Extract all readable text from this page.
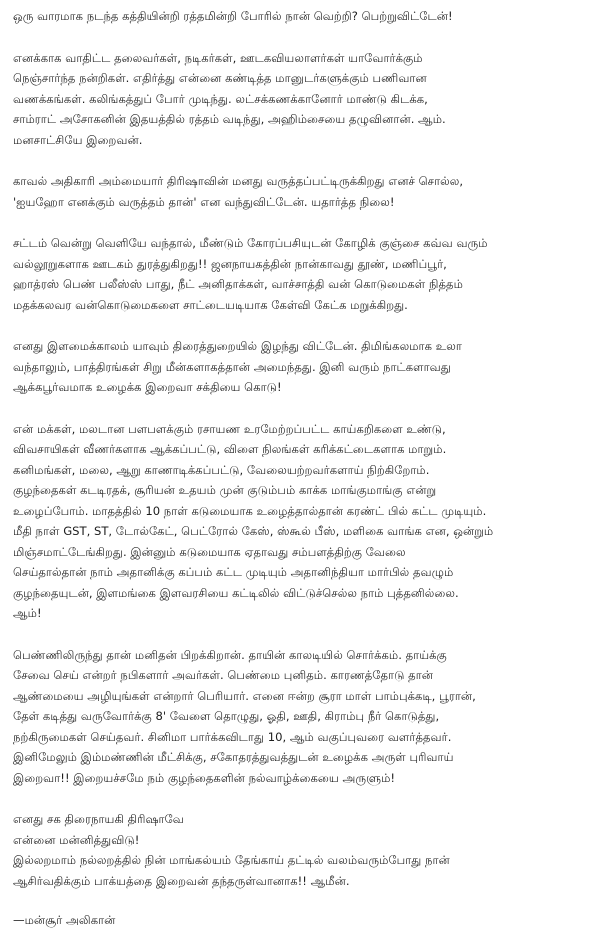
ஒரு வாரமாக நடந்த கத்தியின்றி ரத்தமின்றி போரில் நான் வெற்றி? பெற்றுவிட்டேன்!

எனக்காக வாதிட்ட தலைவர்கள், நடிகர்கள், ஊடகவியலாளர்கள் யாவோர்க்கும்
நெஞ்சார்ந்த நன்றிகள். எதிர்த்து என்னை கண்டித்த மானுடர்களுக்கும் பணிவான
வணக்கங்கள். கலிங்கத்துப் போர் முடிந்து. லட்சக்கணக்கானோர் மாண்டு கிடக்க,
சாம்ராட் அசோகனின் இதயத்தில் ரத்தம் வடிந்து, அஹிம்சையை தழுவினான். ஆம்.
மனசாட்சியே இறைவன்.

காவல் அதிகாரி அம்மையார் திரிஷாவின் மனது வருத்தப்பட்டிருக்கிறது எனச் சொல்ல,
'ஐயஹோ எனக்கும் வருத்தம் தான்' என வந்துவிட்டேன். யதார்த்த நிலை!

சட்டம் வென்று வெளியே வந்தால், மீண்டும் கோரப்பசியுடன் கோழிக் குஞ்சை கவ்வ வரும்
வல்லூறுகளாக ஊடகம் துரத்துகிறது!! ஜனநாயகத்தின் நான்காவது தூண், மணிப்பூர்,
ஹாத்ரஸ் பெண் பலீஸ்ஸ் பாது, நீட் அனிதாக்கள், வாச்சாத்தி வன் கொடுமைகள் நித்தம்
மதக்கலவர வன்கொடுமைகளை சாட்டையடியாக கேள்வி கேட்க மறுக்கிறது.

எனது இளமைக்காலம் யாவும் திரைத்துறையில் இழந்து விட்டேன். திமிங்கலமாக உலா
வந்தாலும், பாத்திரங்கள் சிறு மீன்களாகத்தான் அமைந்தது. இனி வரும் நாட்களாவது
ஆக்கபூர்வமாக உழைக்க இறைவா சக்தியை கொடு!

என் மக்கள், மலடான பளபளக்கும் ரசாயண உரமேற்றப்பட்ட காய்கறிகளை உண்டு,
விவசாயிகள் வீணர்களாக ஆக்கப்பட்டு, விளை நிலங்கள் கரிக்கட்டைகளாக மாறும்.
கனிமங்கள், மலை, ஆறு காணாடிக்கப்பட்டு, வேலையற்றவர்களாய் நிற்கிறோம்.
குழந்தைகள் கடடிரதக், சூரியன் உதயம் முன் குடும்பம் காக்க மாங்குமாங்கு என்று
உழைப்போம். மாதத்தில் 10 நாள் கடுமையாக உழைத்தால்தான் கரண்ட் பில் கட்ட முடியும்.
மீதி நாள் GST, ST, டோல்கேட், பெட்ரோல் கேஸ், ஸ்கூல் பீஸ், மளிகை வாங்க என, ஒன்றும்
மிஞ்சமாட்டேங்கிறது. இன்னும் கடுமையாக ஏதாவது சம்பளத்திற்கு வேலை
செய்தால்தான் நாம் அதானிக்கு கப்பம் கட்ட முடியும் அதானிந்தியா மார்பில் தவழும்
குழந்தையுடன், இளமங்கை இளவரசியை கட்டிலில் விட்டுச்செல்ல நாம் புத்தனில்லை.
ஆம்!

பெண்ணிலிருந்து தான் மனிதன் பிறக்கிறான். தாயின் காலடியில் சொர்க்கம். தாய்க்கு
சேவை செய் என்றர் நபிகளார் அவர்கள். பெண்மை புனிதம். காரணத்தோடு தான்
ஆண்மையை அழியுங்கள் என்றார் பெரியார். எனை ஈன்ற சூரா மாள் பாம்புக்கடி, பூரான்,
தேள் கடித்து வருவோர்க்கு 8' வேளை தொழுது, ஓதி, ஊதி, கிராம்பு நீர் கொடுத்து,
நற்கிருமைகள் செய்தவர். சினிமா பார்க்கவிடாது 10, ஆம் வகுப்புவரை வளர்த்தவர்.
இனிமேலும் இம்மண்ணின் மீட்சிக்கு, சகோதரத்துவத்துடன் உழைக்க அருள் புரிவாய்
இறைவா!! இறையச்சமே நம் குழந்தைகளின் நல்வாழ்க்கையை அருளும்!

எனது சக திரைநாயகி திரிஷாவே
என்னை மன்னித்துவிடு!
இல்லறமாம் நல்லறத்தில் நின் மாங்கல்யம் தேங்காய் தட்டில் வலம்வரும்போது நான்
ஆசிர்வதிக்கும் பாக்யத்தை இறைவன் தந்தருள்வானாக!! ஆமீன்.

—மன்சூர் அலிகான்
